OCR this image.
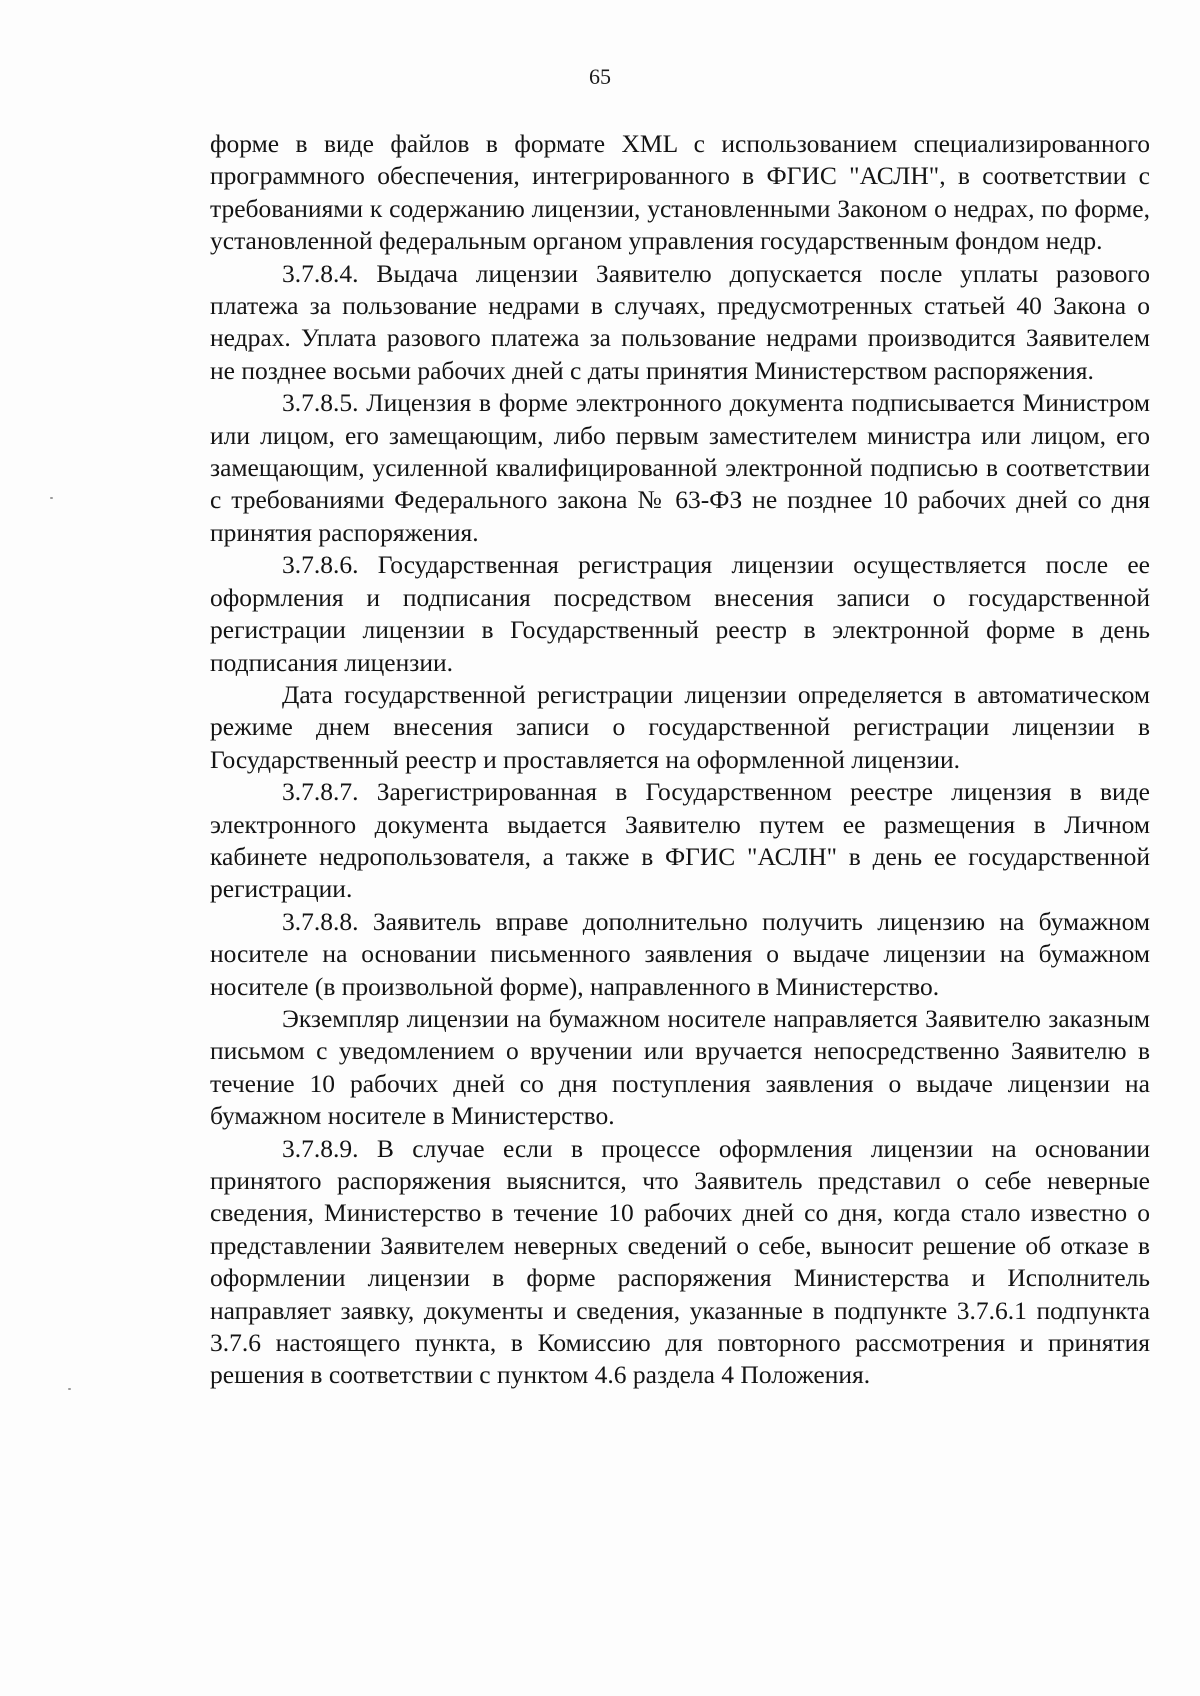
65

форме в виде файлов в формате XML с использованием специализированного программного обеспечения, интегрированного в ФГИС "АСЛН", в соответствии с требованиями к содержанию лицензии, установленными Законом о недрах, по форме, установленной федеральным органом управления государственным фондом недр.

3.7.8.4. Выдача лицензии Заявителю допускается после уплаты разового платежа за пользование недрами в случаях, предусмотренных статьей 40 Закона о недрах. Уплата разового платежа за пользование недрами производится Заявителем не позднее восьми рабочих дней с даты принятия Министерством распоряжения.

3.7.8.5. Лицензия в форме электронного документа подписывается Министром или лицом, его замещающим, либо первым заместителем министра или лицом, его замещающим, усиленной квалифицированной электронной подписью в соответствии с требованиями Федерального закона № 63-ФЗ не позднее 10 рабочих дней со дня принятия распоряжения.

3.7.8.6. Государственная регистрация лицензии осуществляется после ее оформления и подписания посредством внесения записи о государственной регистрации лицензии в Государственный реестр в электронной форме в день подписания лицензии.

Дата государственной регистрации лицензии определяется в автоматическом режиме днем внесения записи о государственной регистрации лицензии в Государственный реестр и проставляется на оформленной лицензии.

3.7.8.7. Зарегистрированная в Государственном реестре лицензия в виде электронного документа выдается Заявителю путем ее размещения в Личном кабинете недропользователя, а также в ФГИС "АСЛН" в день ее государственной регистрации.

3.7.8.8. Заявитель вправе дополнительно получить лицензию на бумажном носителе на основании письменного заявления о выдаче лицензии на бумажном носителе (в произвольной форме), направленного в Министерство.

Экземпляр лицензии на бумажном носителе направляется Заявителю заказным письмом с уведомлением о вручении или вручается непосредственно Заявителю в течение 10 рабочих дней со дня поступления заявления о выдаче лицензии на бумажном носителе в Министерство.

3.7.8.9. В случае если в процессе оформления лицензии на основании принятого распоряжения выяснится, что Заявитель представил о себе неверные сведения, Министерство в течение 10 рабочих дней со дня, когда стало известно о представлении Заявителем неверных сведений о себе, выносит решение об отказе в оформлении лицензии в форме распоряжения Министерства и Исполнитель направляет заявку, документы и сведения, указанные в подпункте 3.7.6.1 подпункта 3.7.6 настоящего пункта, в Комиссию для повторного рассмотрения и принятия решения в соответствии с пунктом 4.6 раздела 4 Положения.
